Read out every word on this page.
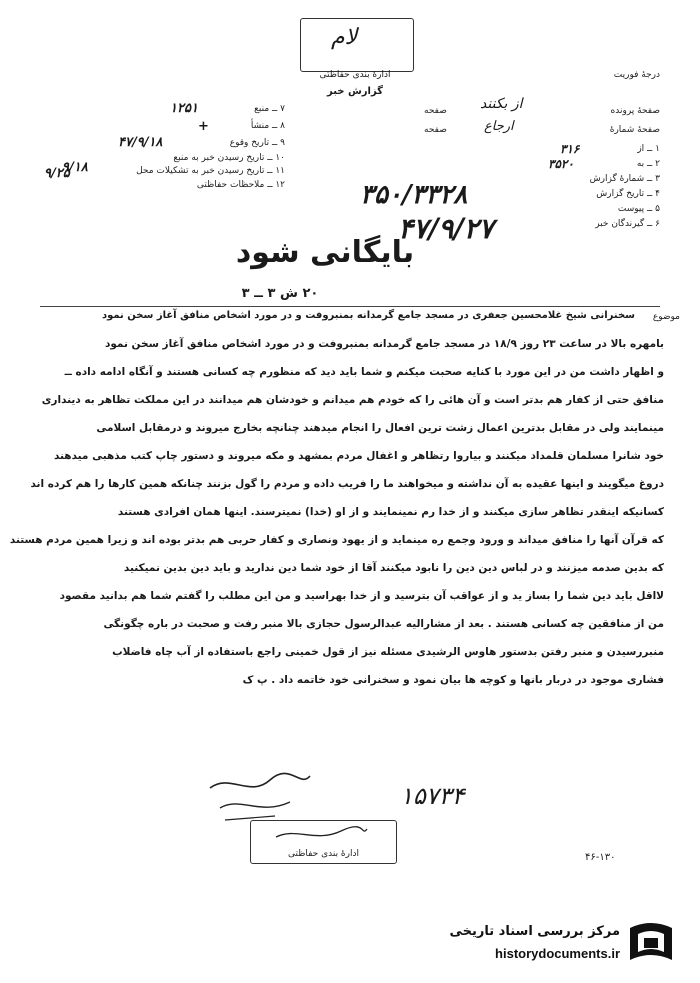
ﻻﻡ
ادارهٔ بندی حفاظتی
گزارش خبر
درجهٔ فوریت
۷ ــ منبع
۱۲۵۱
۸ ــ منشأ
+
۹ ــ تاریخ وقوع
۴۷/۹/۱۸
۱۰ ــ تاریخ رسیدن خبر به منبع
۱۱ ــ تاریخ رسیدن خبر به تشکیلات محل
۹/۱۸
۱۲ ــ ملاحظات حفاظتی
۹/۲۵
صفحهٔ پرونده
صفحه ﺍﺯ ﺑﮑﻨﻨﺪ
صفحهٔ شمارهٔ
صفحه	ﺍﺭﺟﺎﻉ
۱ ــ از
۳۱۶
۲ ــ به
۳۵۲۰
۳ ــ شمارهٔ گزارش
۴ ــ تاریخ گزارش
۵ ــ پیوست
۶ ــ گیرندگان خبر
۳۵۰/۳۳۲۸
۴۷/۹/۲۷
بایگانی شود
۲۰ ش ۳ ــ ۳
موضوع
سخنرانی شیخ غلامحسین جعفری در مسجد جامع گرمدانه بمنبروفت و در مورد اشخاص منافق آغاز سخن نمود
بامهره بالا در ساعت ۲۳ روز ۱۸/۹ در مسجد جامع گرمدانه بمنبروفت و در مورد اشخاص منافق آغاز سخن نمود
و اظهار داشت من در این مورد با کنایه صحبت میکنم و شما باید دید که منظورم چه کسانی هستند و آنگاه ادامه داده ــ
منافق حتی از کفار هم بدتر است و آن هائی را که خودم هم میدانم و خودشان هم میدانند در این مملکت تظاهر به دینداری
مینمایند ولی در مقابل بدترین اعمال زشت ترین افعال را انجام میدهند چنانچه بخارج میروند و درمقابل اسلامی
خود شانرا مسلمان قلمداد میکنند و بیاروا رتظاهر و اغفال مردم بمشهد و مکه میروند و دستور چاپ کتب مذهبی میدهند
دروغ میگویند و اینها عقیده به آن نداشته و میخواهند ما را فریب داده و مردم را گول بزنند چنانکه همین کارها را هم کرده اند
کسانیکه اینقدر تظاهر سازی میکنند و از خدا رم نمینمایند و از او (خدا) نمیترسند. اینها همان افرادی هستند
که قرآن آنها را منافق میداند و ورود وجمع ره مینماید و از یهود ونصاری و کفار حربی هم بدتر بوده اند و زیرا همین مردم هستند
که بدین صدمه میزنند و در لباس دین دین را نابود میکنند آقا از خود شما دین ندارید و باید دین بدین نمیکنید
لااقل باید دین شما را بساز ید و از عواقب آن بترسید و از خدا بهراسید و من این مطلب را گفتم شما هم بدانید مقصود
من از منافقین چه کسانی هستند . بعد از مشارالیه عبدالرسول حجازی بالا منبر رفت و صحبت در باره چگونگی
منبررسیدن و منبر رفتن بدستور هاوس الرشیدی مسئله نیز از قول خمینی راجع باستفاده از آب چاه فاضلاب
فشاری موجود در دربار بانها و کوچه ها بیان نمود و سخنرانی خود خاتمه داد . پ ک
۱۵۷۳۴
ادارهٔ بندی حفاظتی	۴۶-۱۳۰
مرکز بررسی اسناد تاریخی
historydocuments.ir
